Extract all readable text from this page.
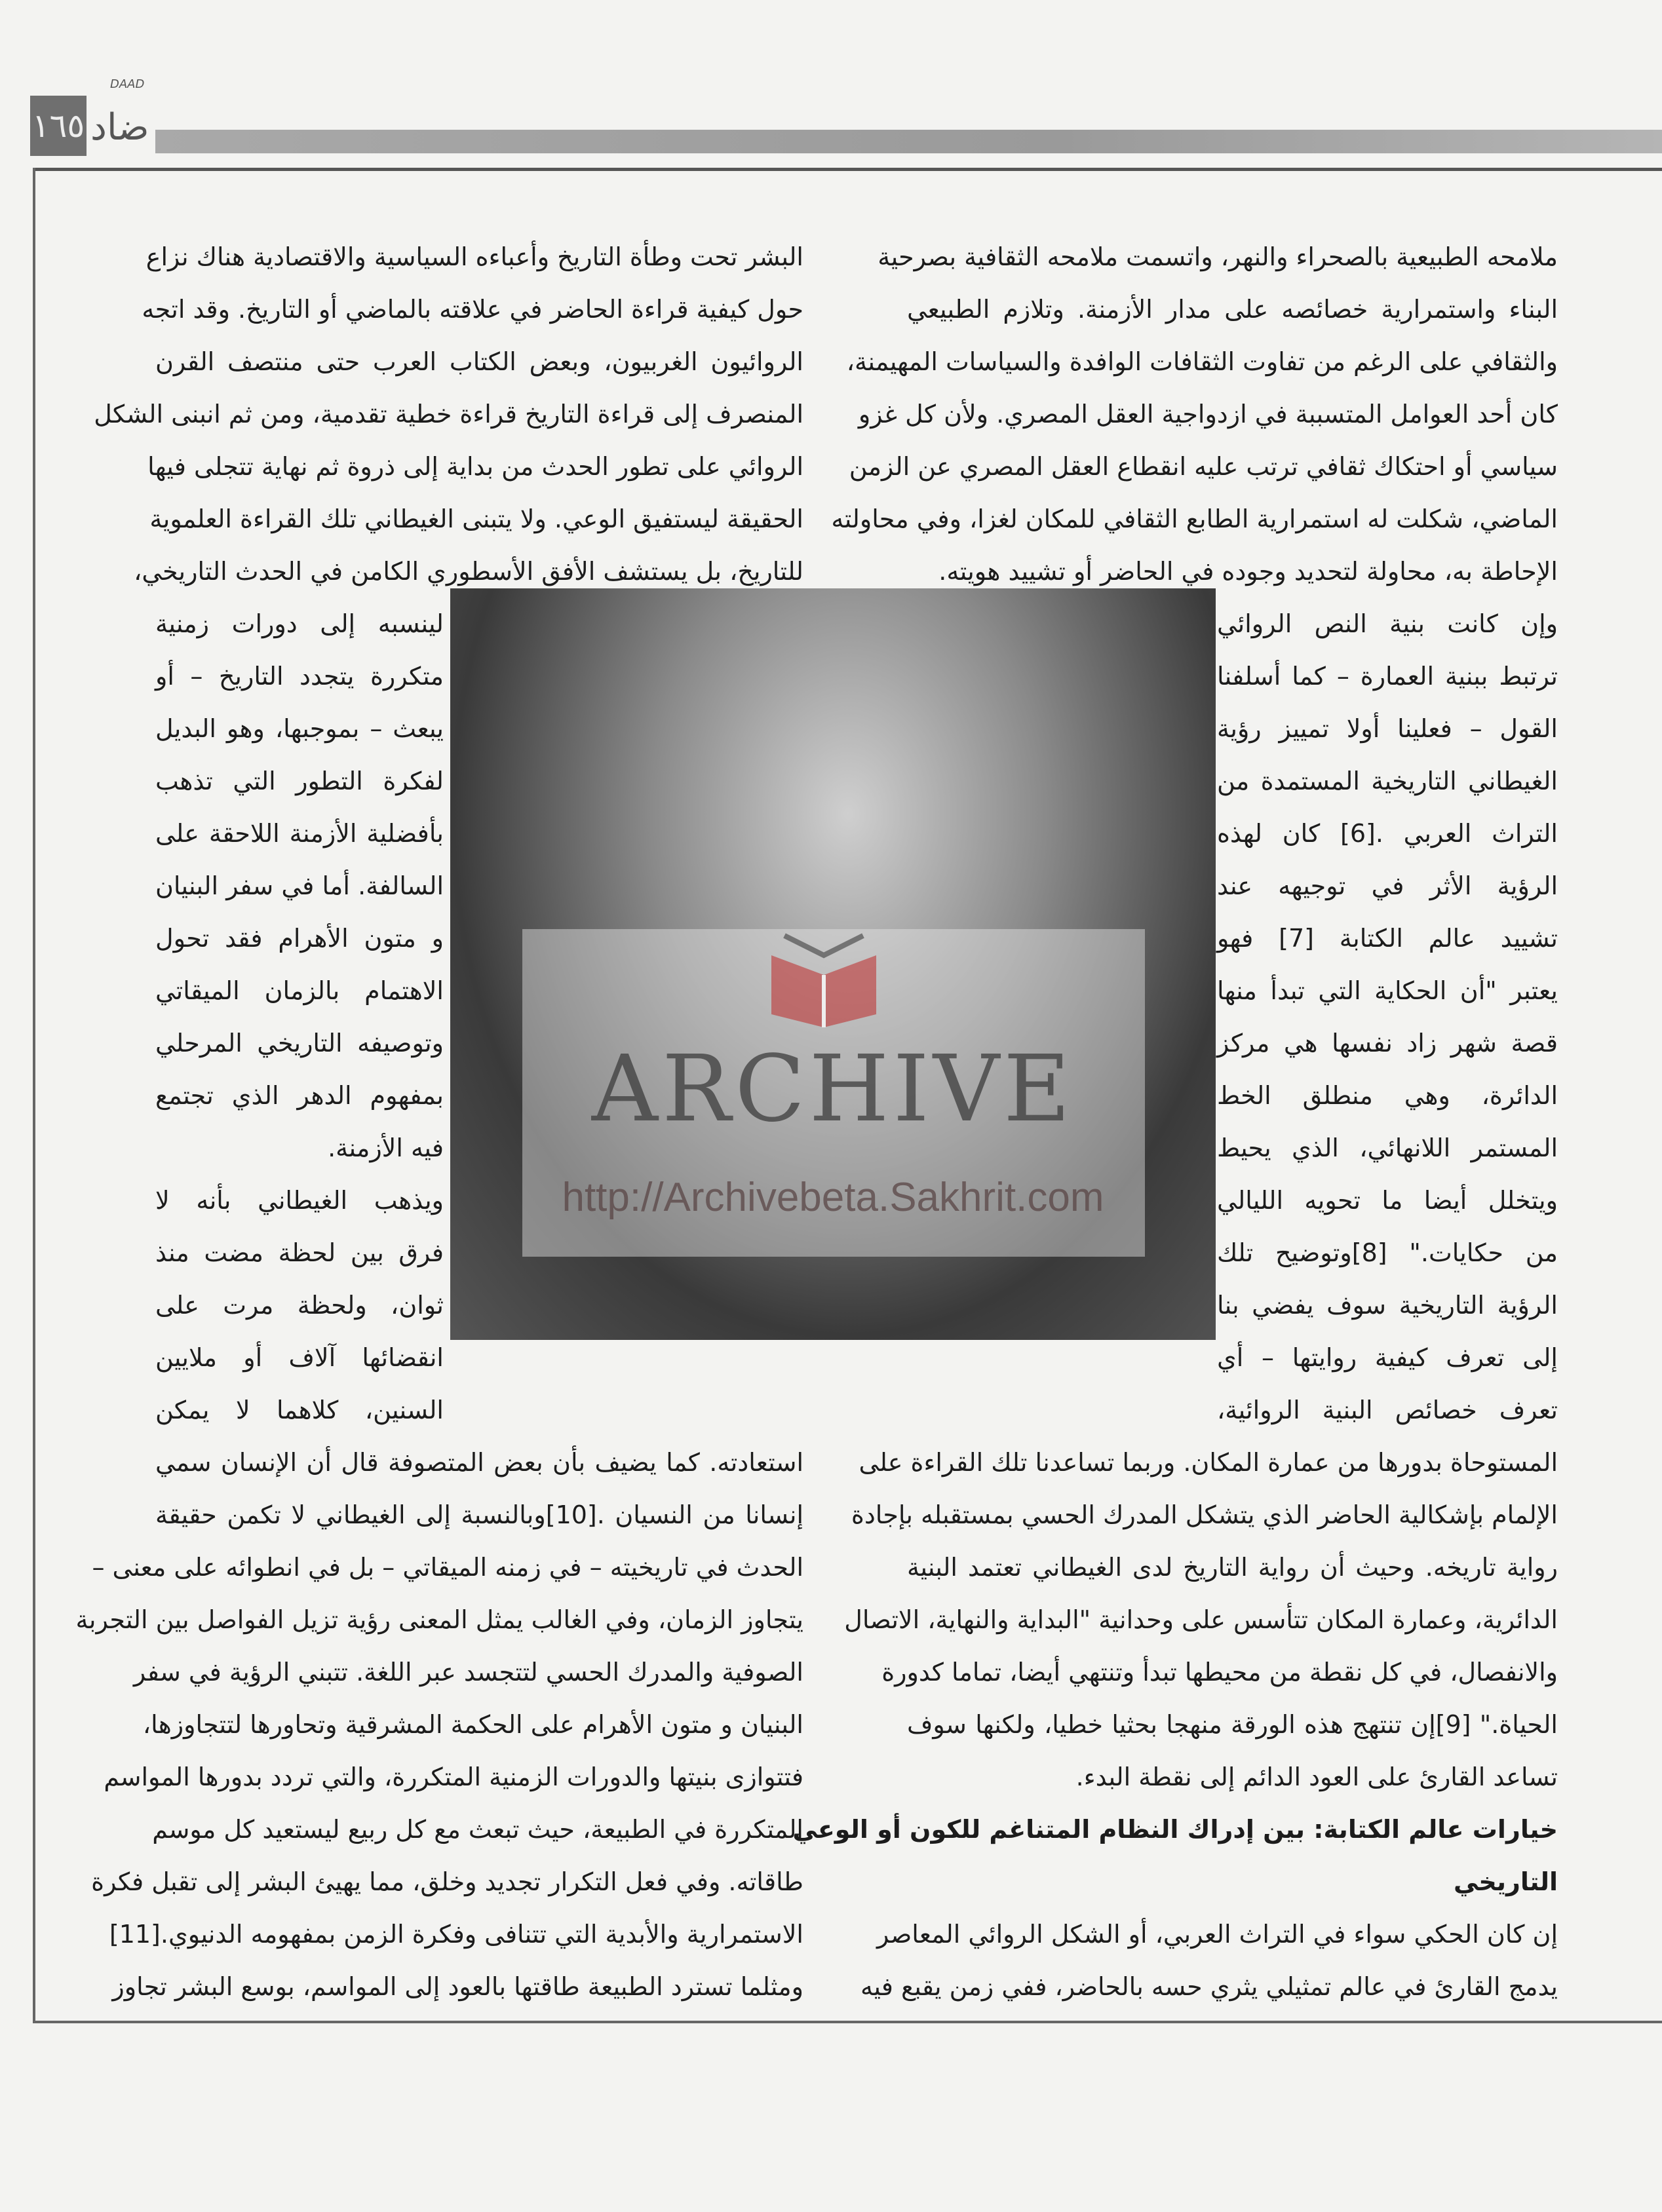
١٦٥
DAAD
ضاد
ARCHIVE
http://Archivebeta.Sakhrit.com
ملامحه الطبيعية بالصحراء والنهر، واتسمت ملامحه الثقافية بصرحية
البناء واستمرارية خصائصه على مدار الأزمنة. وتلازم الطبيعي
والثقافي على الرغم من تفاوت الثقافات الوافدة والسياسات المهيمنة،
كان أحد العوامل المتسببة في ازدواجية العقل المصري. ولأن كل غزو
سياسي أو احتكاك ثقافي ترتب عليه انقطاع العقل المصري عن الزمن
الماضي، شكلت له استمرارية الطابع الثقافي للمكان لغزا، وفي محاولته
الإحاطة به، محاولة لتحديد وجوده في الحاضر أو تشييد هويته.
وإن كانت بنية النص الروائي
ترتبط ببنية العمارة – كما أسلفنا
القول – فعلينا أولا تمييز رؤية
الغيطاني التاريخية المستمدة من
التراث العربي .[6] كان لهذه
الرؤية الأثر في توجيهه عند
تشييد عالم الكتابة [7] فهو
يعتبر "أن الحكاية التي تبدأ منها
قصة شهر زاد نفسها هي مركز
الدائرة، وهي منطلق الخط
المستمر اللانهائي، الذي يحيط
ويتخلل أيضا ما تحويه الليالي
من حكايات." [8]وتوضيح تلك
الرؤية التاريخية سوف يفضي بنا
إلى تعرف كيفية روايتها – أي
تعرف خصائص البنية الروائية،
المستوحاة بدورها من عمارة المكان. وربما تساعدنا تلك القراءة على
الإلمام بإشكالية الحاضر الذي يتشكل المدرك الحسي بمستقبله بإجادة
رواية تاريخه. وحيث أن رواية التاريخ لدى الغيطاني تعتمد البنية
الدائرية، وعمارة المكان تتأسس على وحدانية "البداية والنهاية، الاتصال
والانفصال، في كل نقطة من محيطها تبدأ وتنتهي أيضا، تماما كدورة
الحياة." [9]إن تنتهج هذه الورقة منهجا بحثيا خطيا، ولكنها سوف
تساعد القارئ على العود الدائم إلى نقطة البدء.
خيارات عالم الكتابة: بين إدراك النظام المتناغم للكون أو الوعي
التاريخي
إن كان الحكي سواء في التراث العربي، أو الشكل الروائي المعاصر
يدمج القارئ في عالم تمثيلي يثري حسه بالحاضر، ففي زمن يقبع فيه
البشر تحت وطأة التاريخ وأعباءه السياسية والاقتصادية هناك نزاع
حول كيفية قراءة الحاضر في علاقته بالماضي أو التاريخ. وقد اتجه
الروائيون الغربيون، وبعض الكتاب العرب حتى منتصف القرن
المنصرف إلى قراءة التاريخ قراءة خطية تقدمية، ومن ثم انبنى الشكل
الروائي على تطور الحدث من بداية إلى ذروة ثم نهاية تتجلى فيها
الحقيقة ليستفيق الوعي. ولا يتبنى الغيطاني تلك القراءة العلموية
للتاريخ، بل يستشف الأفق الأسطوري الكامن في الحدث التاريخي،
لينسبه إلى دورات زمنية
متكررة يتجدد التاريخ – أو
يبعث – بموجبها، وهو البديل
لفكرة التطور التي تذهب
بأفضلية الأزمنة اللاحقة على
السالفة. أما في سفر البنيان
و متون الأهرام فقد تحول
الاهتمام بالزمان الميقاتي
وتوصيفه التاريخي المرحلي
بمفهوم الدهر الذي تجتمع
فيه الأزمنة.
ويذهب الغيطاني بأنه لا
فرق بين لحظة مضت منذ
ثوان، ولحظة مرت على
انقضائها آلاف أو ملايين
السنين، كلاهما لا يمكن
استعادته. كما يضيف بأن بعض المتصوفة قال أن الإنسان سمي
إنسانا من النسيان .[10]وبالنسبة إلى الغيطاني لا تكمن حقيقة
الحدث في تاريخيته – في زمنه الميقاتي – بل في انطوائه على معنى –
يتجاوز الزمان، وفي الغالب يمثل المعنى رؤية تزيل الفواصل بين التجربة
الصوفية والمدرك الحسي لتتجسد عبر اللغة. تتبني الرؤية في سفر
البنيان و متون الأهرام على الحكمة المشرقية وتحاورها لتتجاوزها،
فتتوازى بنيتها والدورات الزمنية المتكررة، والتي تردد بدورها المواسم
المتكررة في الطبيعة، حيث تبعث مع كل ربيع ليستعيد كل موسم
طاقاته. وفي فعل التكرار تجديد وخلق، مما يهيئ البشر إلى تقبل فكرة
الاستمرارية والأبدية التي تتنافى وفكرة الزمن بمفهومه الدنيوي.[11]
ومثلما تسترد الطبيعة طاقتها بالعود إلى المواسم، بوسع البشر تجاوز
